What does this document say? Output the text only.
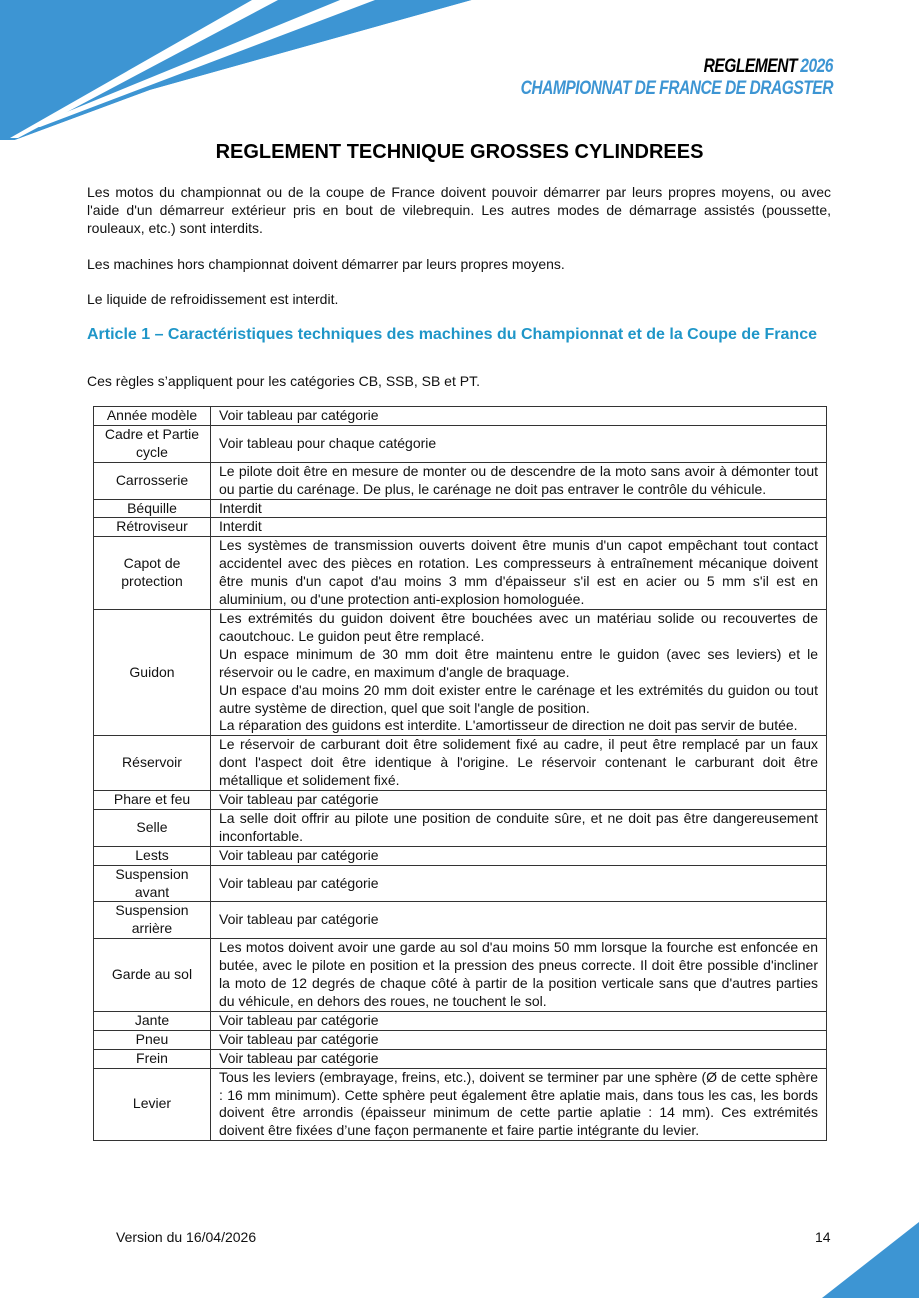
REGLEMENT 2026
CHAMPIONNAT DE FRANCE DE DRAGSTER
REGLEMENT TECHNIQUE GROSSES CYLINDREES
Les motos du championnat ou de la coupe de France doivent pouvoir démarrer par leurs propres moyens, ou avec l'aide d'un démarreur extérieur pris en bout de vilebrequin. Les autres modes de démarrage assistés (poussette, rouleaux, etc.) sont interdits.
Les machines hors championnat doivent démarrer par leurs propres moyens.
Le liquide de refroidissement est interdit.
Article 1 – Caractéristiques techniques des machines du Championnat et de la Coupe de France
Ces règles s’appliquent pour les catégories CB, SSB, SB et PT.
Année modèle	Voir tableau par catégorie

Cadre et Partie cycle	Voir tableau pour chaque catégorie

Carrosserie	Le pilote doit être en mesure de monter ou de descendre de la moto sans avoir à démonter tout ou partie du carénage. De plus, le carénage ne doit pas entraver le contrôle du véhicule.

Béquille	Interdit

Rétroviseur	Interdit

Capot de protection	Les systèmes de transmission ouverts doivent être munis d'un capot empêchant tout contact accidentel avec des pièces en rotation. Les compresseurs à entraînement mécanique doivent être munis d'un capot d'au moins 3 mm d'épaisseur s'il est en acier ou 5 mm s'il est en aluminium, ou d'une protection anti-explosion homologuée.

Guidon	Les extrémités du guidon doivent être bouchées avec un matériau solide ou recouvertes de caoutchouc. Le guidon peut être remplacé.
Un espace minimum de 30 mm doit être maintenu entre le guidon (avec ses leviers) et le réservoir ou le cadre, en maximum d'angle de braquage.
Un espace d'au moins 20 mm doit exister entre le carénage et les extrémités du guidon ou tout autre système de direction, quel que soit l'angle de position.
La réparation des guidons est interdite. L'amortisseur de direction ne doit pas servir de butée.

Réservoir	Le réservoir de carburant doit être solidement fixé au cadre, il peut être remplacé par un faux dont l'aspect doit être identique à l'origine. Le réservoir contenant le carburant doit être métallique et solidement fixé.

Phare et feu	Voir tableau par catégorie

Selle	La selle doit offrir au pilote une position de conduite sûre, et ne doit pas être dangereusement inconfortable.

Lests	Voir tableau par catégorie

Suspension avant	Voir tableau par catégorie

Suspension arrière	Voir tableau par catégorie

Garde au sol	Les motos doivent avoir une garde au sol d'au moins 50 mm lorsque la fourche est enfoncée en butée, avec le pilote en position et la pression des pneus correcte. Il doit être possible d'incliner la moto de 12 degrés de chaque côté à partir de la position verticale sans que d'autres parties du véhicule, en dehors des roues, ne touchent le sol.

Jante	Voir tableau par catégorie

Pneu	Voir tableau par catégorie

Frein	Voir tableau par catégorie

Levier	Tous les leviers (embrayage, freins, etc.), doivent se terminer par une sphère (Ø de cette sphère : 16 mm minimum). Cette sphère peut également être aplatie mais, dans tous les cas, les bords doivent être arrondis (épaisseur minimum de cette partie aplatie : 14 mm). Ces extrémités doivent être fixées d’une façon permanente et faire partie intégrante du levier.
Version du 16/04/2026	14
